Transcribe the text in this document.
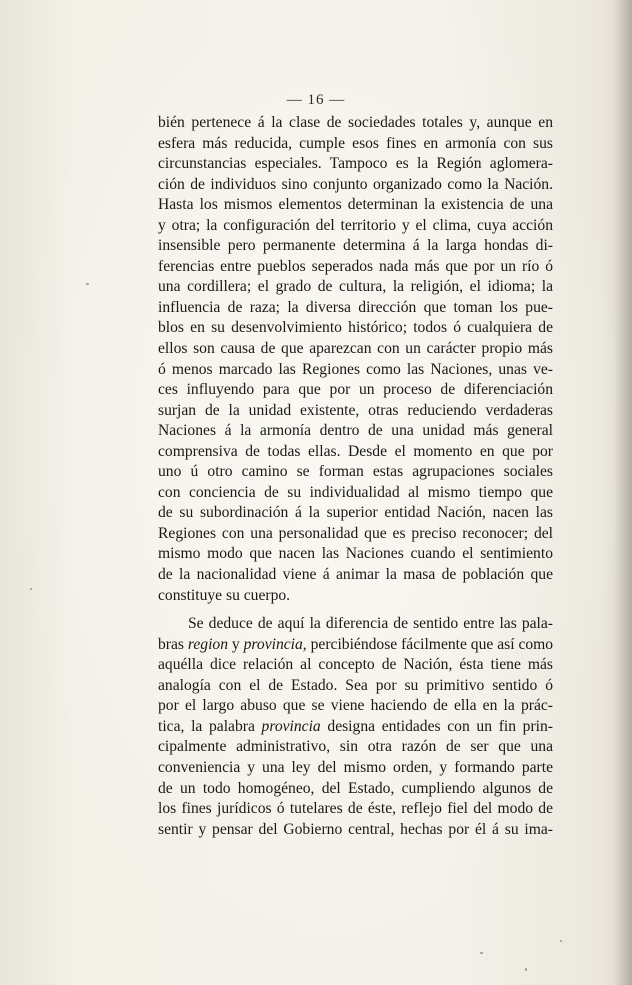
— 16 —

bién pertenece á la clase de sociedades totales y, aunque en
esfera más reducida, cumple esos fines en armonía con sus
circunstancias especiales. Tampoco es la Región aglomera-
ción de individuos sino conjunto organizado como la Nación.
Hasta los mismos elementos determinan la existencia de una
y otra; la configuración del territorio y el clima, cuya acción
insensible pero permanente determina á la larga hondas di-
ferencias entre pueblos seperados nada más que por un río ó
una cordillera; el grado de cultura, la religión, el idioma; la
influencia de raza; la diversa dirección que toman los pue-
blos en su desenvolvimiento histórico; todos ó cualquiera de
ellos son causa de que aparezcan con un carácter propio más
ó menos marcado las Regiones como las Naciones, unas ve-
ces influyendo para que por un proceso de diferenciación
surjan de la unidad existente, otras reduciendo verdaderas
Naciones á la armonía dentro de una unidad más general
comprensiva de todas ellas. Desde el momento en que por
uno ú otro camino se forman estas agrupaciones sociales
con conciencia de su individualidad al mismo tiempo que
de su subordinación á la superior entidad Nación, nacen las
Regiones con una personalidad que es preciso reconocer; del
mismo modo que nacen las Naciones cuando el sentimiento
de la nacionalidad viene á animar la masa de población que
constituye su cuerpo.

Se deduce de aquí la diferencia de sentido entre las pala-
bras region y provincia, percibiéndose fácilmente que así como
aquélla dice relación al concepto de Nación, ésta tiene más
analogía con el de Estado. Sea por su primitivo sentido ó
por el largo abuso que se viene haciendo de ella en la prác-
tica, la palabra provincia designa entidades con un fin prin-
cipalmente administrativo, sin otra razón de ser que una
conveniencia y una ley del mismo orden, y formando parte
de un todo homogéneo, del Estado, cumpliendo algunos de
los fines jurídicos ó tutelares de éste, reflejo fiel del modo de
sentir y pensar del Gobierno central, hechas por él á su ima-
